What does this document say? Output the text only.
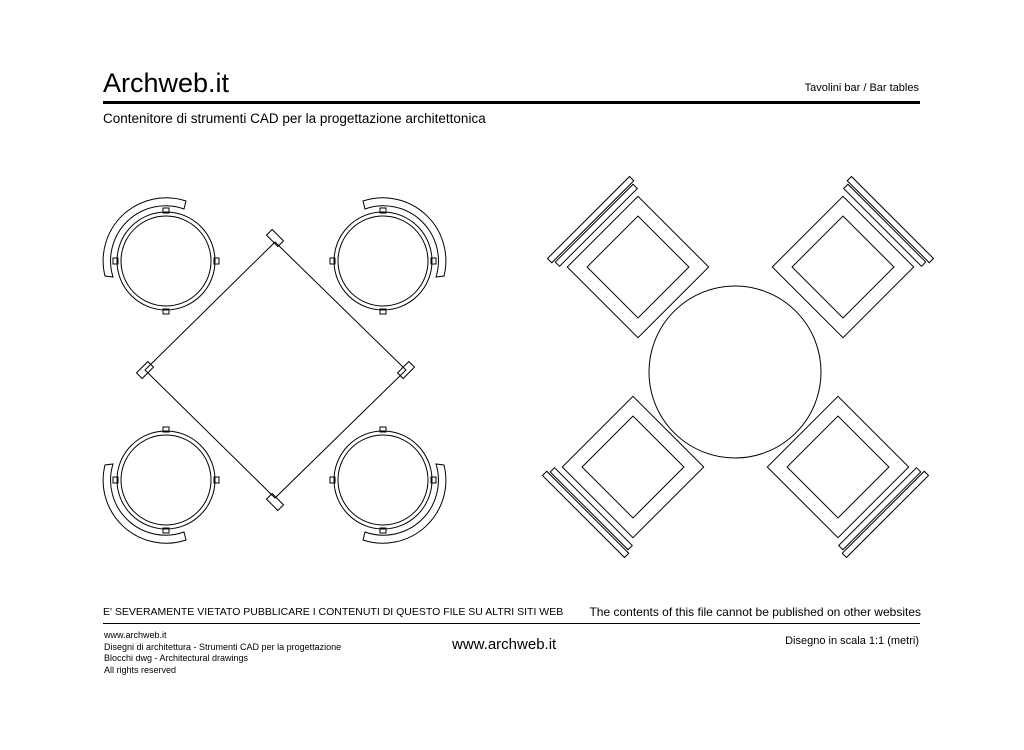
Archweb.it	Tavolini bar / Bar tables
Contenitore di strumenti CAD per la progettazione architettonica
E' SEVERAMENTE VIETATO PUBBLICARE I CONTENUTI DI QUESTO FILE SU ALTRI SITI WEB The contents of this file cannot be published on other websites
www.archweb.it
Disegni di architettura - Strumenti CAD per la progettazione
Blocchi dwg - Architectural drawings
All rights reserved
www.archweb.it	Disegno in scala 1:1 (metri)
